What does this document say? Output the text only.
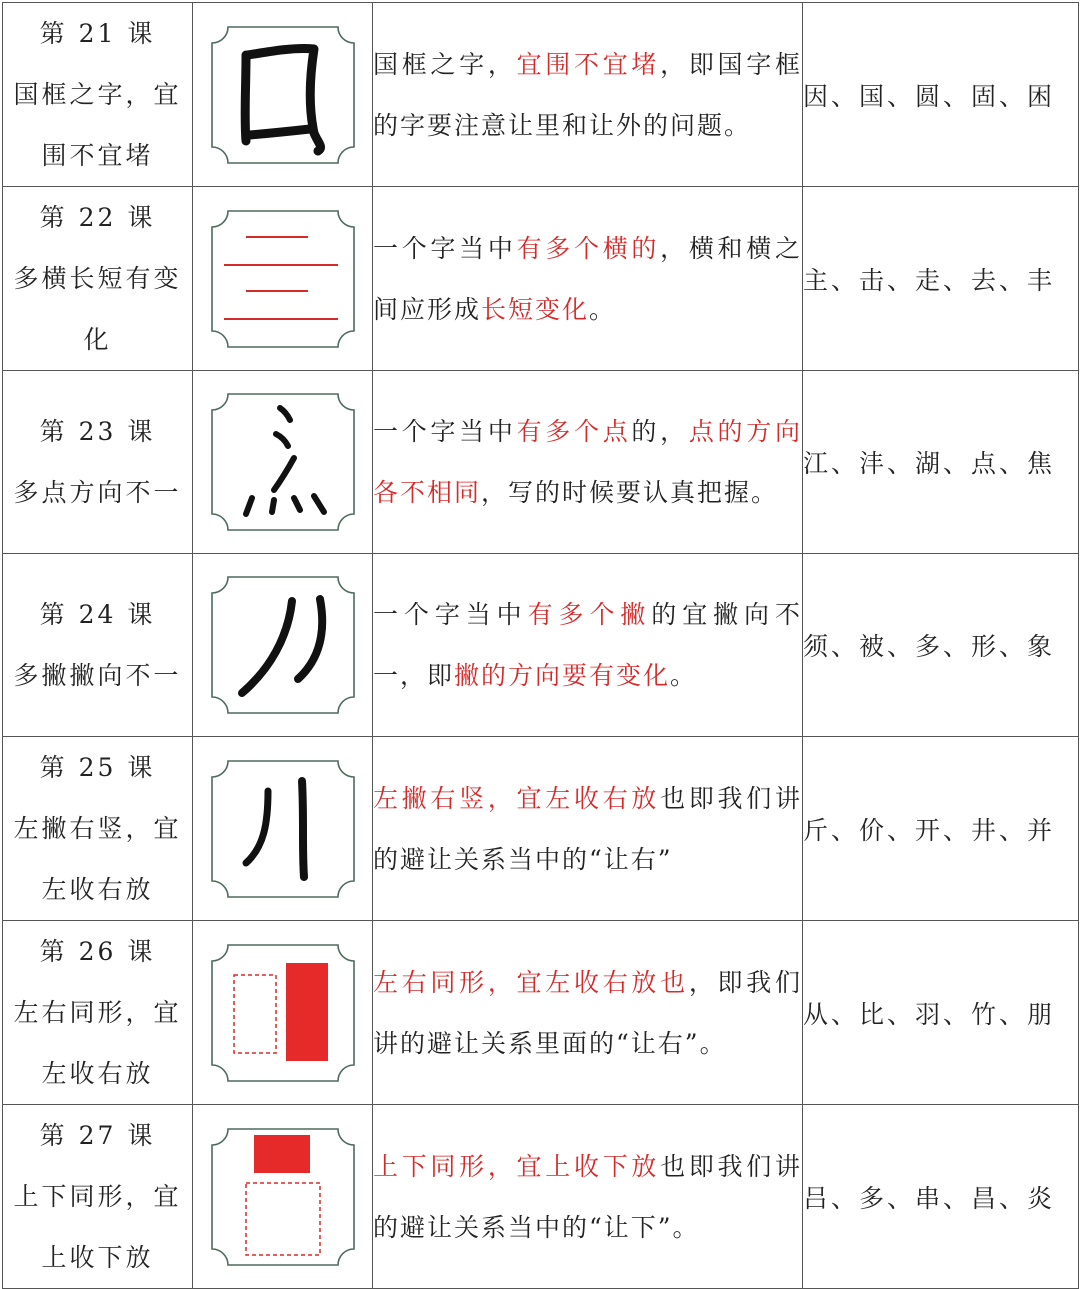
第 21 课
国框之字，宜围不宜堵		国框之字，宜围不宜堵，即国字框的字要注意让里和让外的问题。	因、国、圆、固、困

第 22 课
多横长短有变化		一个字当中有多个横的，横和横之间应形成长短变化。	主、击、走、去、丰

第 23 课
多点方向不一		一个字当中有多个点的，点的方向各不相同，写的时候要认真把握。	江、沣、湖、点、焦

第 24 课
多撇撇向不一		一个字当中有多个撇的宜撇向不一，即撇的方向要有变化。	须、被、多、形、象

第 25 课
左撇右竖，宜左收右放		左撇右竖，宜左收右放也即我们讲的避让关系当中的“让右”	斤、价、开、井、并

第 26 课
左右同形，宜左收右放		左右同形，宜左收右放也，即我们讲的避让关系里面的“让右”。	从、比、羽、竹、朋

第 27 课
上下同形，宜上收下放		上下同形，宜上收下放也即我们讲的避让关系当中的“让下”。	吕、多、串、昌、炎
